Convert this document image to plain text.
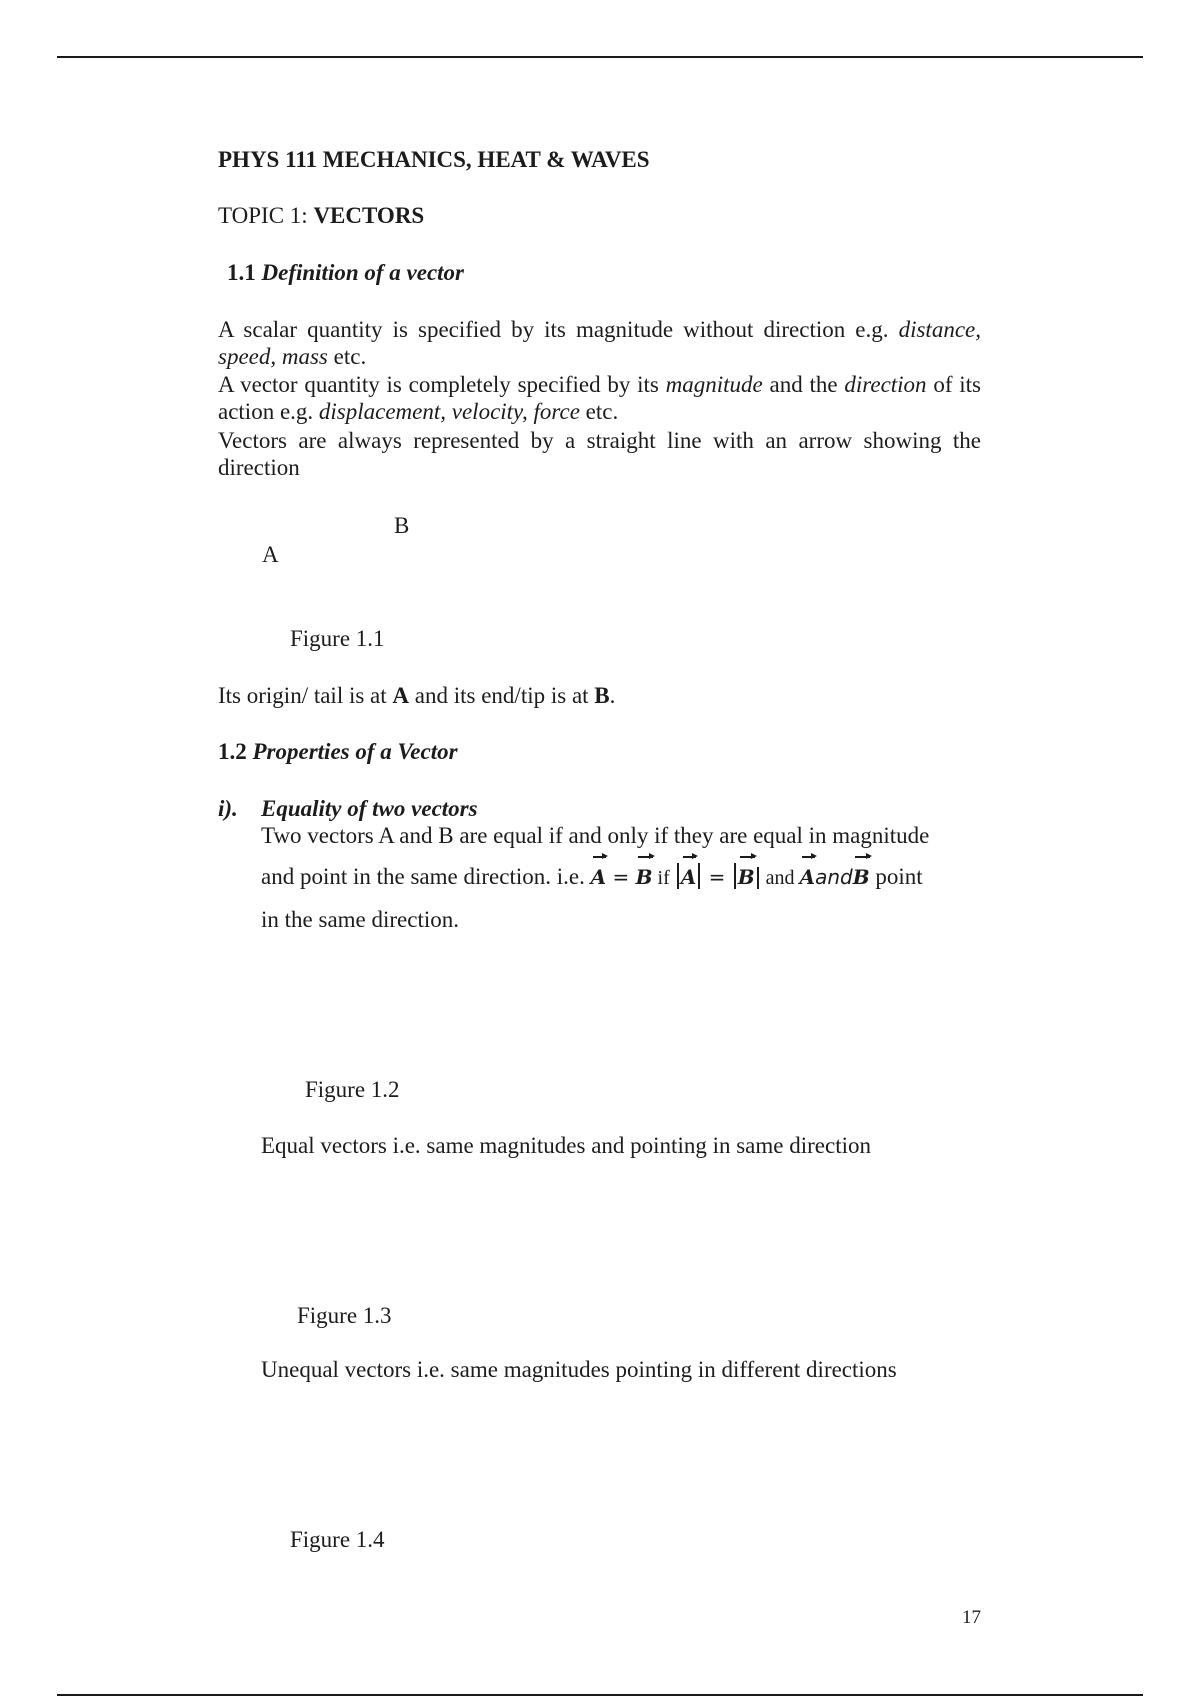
PHYS 111 MECHANICS, HEAT & WAVES
TOPIC 1: VECTORS
1.1 Definition of a vector
A scalar quantity is specified by its magnitude without direction e.g. distance, speed, mass etc.
A vector quantity is completely specified by its magnitude and the direction of its action e.g. displacement, velocity, force etc.
Vectors are always represented by a straight line with an arrow showing the direction
A
B
Figure 1.1
Its origin/ tail is at A and its end/tip is at B.
1.2 Properties of a Vector
i). Equality of two vectors
Two vectors A and B are equal if and only if they are equal in magnitude
and point in the same direction. i.e. A = B if A = B and AandB point
in the same direction.
Figure 1.2
Equal vectors i.e. same magnitudes and pointing in same direction
Figure 1.3
Unequal vectors i.e. same magnitudes pointing in different directions
Figure 1.4
17
